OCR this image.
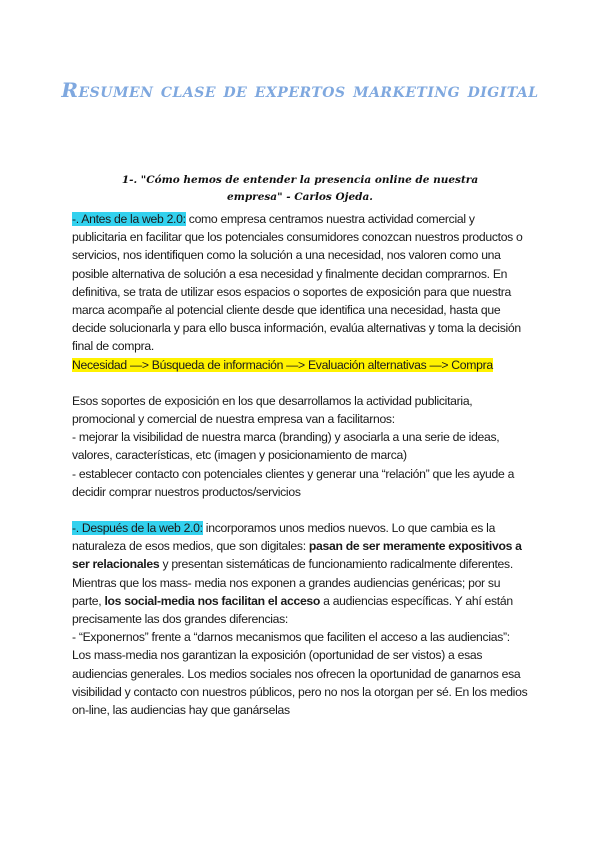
Resumen clase de expertos marketing digital
1-. "Cómo hemos de entender la presencia online de nuestra empresa" - Carlos Ojeda.

-. Antes de la web 2.0: como empresa centramos nuestra actividad comercial y publicitaria en facilitar que los potenciales consumidores conozcan nuestros productos o servicios, nos identifiquen como la solución a una necesidad, nos valoren como una posible alternativa de solución a esa necesidad y finalmente decidan comprarnos. En definitiva, se trata de utilizar esos espacios o soportes de exposición para que nuestra marca acompañe al potencial cliente desde que identifica una necesidad, hasta que decide solucionarla y para ello busca información, evalúa alternativas y toma la decisión final de compra.

Necesidad —> Búsqueda de información —> Evaluación alternativas —> Compra

Esos soportes de exposición en los que desarrollamos la actividad publicitaria, promocional y comercial de nuestra empresa van a facilitarnos:

- mejorar la visibilidad de nuestra marca (branding) y asociarla a una serie de ideas, valores, características, etc (imagen y posicionamiento de marca)

- establecer contacto con potenciales clientes y generar una “relación” que les ayude a decidir comprar nuestros productos/servicios

-. Después de la web 2.0: incorporamos unos medios nuevos. Lo que cambia es la naturaleza de esos medios, que son digitales: pasan de ser meramente expositivos a ser relacionales y presentan sistemáticas de funcionamiento radicalmente diferentes. Mientras que los mass- media nos exponen a grandes audiencias genéricas; por su parte, los social-media nos facilitan el acceso a audiencias específicas. Y ahí están precisamente las dos grandes diferencias:

- “Exponernos” frente a “darnos mecanismos que faciliten el acceso a las audiencias”: Los mass-media nos garantizan la exposición (oportunidad de ser vistos) a esas audiencias generales. Los medios sociales nos ofrecen la oportunidad de ganarnos esa visibilidad y contacto con nuestros públicos, pero no nos la otorgan per sé. En los medios on-line, las audiencias hay que ganárselas
